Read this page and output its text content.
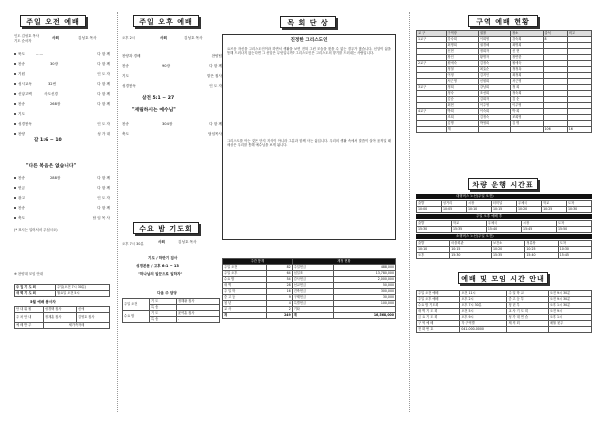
주일 오전 예배
인도 김성호 목사
기도 순서자
사회	김성호 목사
묵도	……	다 함 께
찬송	30장	다 함 께
기원	인 도 자
성시교독	32번	다 함 께
신앙고백	사도신경	다 함 께
찬송	268장	다 함 께
기도
성경봉독	인 도 자
찬양	성 가 대
갈 1:6 ~ 10
"다른 복음은 없습니다"
찬송	288장	다 함 께
헌금	다 함 께
광고	인 도 자
찬송	다 함 께
축도	담 임 목 사
(* 표시는 일어서서 주십시오)
※ 찬양대 모임 안내
주 일 기 도 회	주일(오전 7시 30분)
새 벽 기 도 회	월요일 오전 5시
5월 예배 봉사자
안 내 위 원	성경택 집사	신애
주 차 안 내	정재훈 집사	김영호 집사
예 배 반 주	세가족자매	
주일 오후 예배
오후 2시	사회	김성호 목사
찬양과 경배	찬양팀
찬송	90장	다 함 께
기도	맡은 집사
성경봉독	인 도 자
살전 5:1 ~ 27
"재림하시는 예수님"
찬송	304장	다 함 께
축도	담임목사
수요 밤 기도회
오후 7시 30분	사회	김성호 목사
기도 / 하반기 집사
성경본문 / 고후 6:1 ~ 13
"하나님의 일꾼으로 일하자"
다음 주 담당
주일 오전	기 도	정해광 집사
	특 송	
수요 밤	기 도	윤여훈 집사
	특 송	-
목 회 단 상
진정한 그리스도인
요즈음 자신을 그리스도인이라 하면서 생활을 보면 전혀 그런 모습을 찾을 수 없는 경우가 많습니다. 신앙이 삶을 통해 드러나지 않는다면 그 신앙은 무엇입니까? 그리스도인은 그리스도의 향기를 드러내는 사람입니다.
그리스도를 아는 것은 단지 지식이 아니라 그분과 함께 사는 삶입니다. 우리의 생활 속에서 말씀이 살아 움직일 때 세상은 우리를 통해 예수님을 보게 됩니다.
주간 통계		재정 현황	
주일 오전	82	주일헌금	488,000
주일 오후	64	십일조	13,780,000
수요 밤	54	감사헌금	2,000,000
새 벽	28	선교헌금	50,000
주 일 학	16	건축헌금	300,000
중 고 등	9	구제헌금	30,000
청 년	4	특별헌금	100,000
교 사	2	기타	
계	249	계	16,568,000
구역 예배 현황
교 구	구역장	권찰	장소	출석	비고
1교구	강숙희	이희영	강숙희	8	
	최명희	권경혜	최명희		
	신현	정희자	신 현		
	장인	황명자	장연한		
2교구	원애숙	김정숙	원애숙		
	정철	최효순	정정옥		
	이정	김지인	최정희		
	서근영	신원희	서근영		
3교구	정희	강남희	정 희		
	정숙	조선희	정숙희		
	김순	김희자	김 순		
	최현	이주영	이주영		
4교구	박희	이숙희	박 희		
	조희	김정숙	조희영		
	김명	박영희	김 명		
	계			106	16
차량 운행 시간표
대형버스 노선(주일 오전)
출발	삼거리	시장	터미널	우체국	학교	도착
10:00	10:05	10:10	10:15	10:20	10:25	10:30
주일 오후 예배 후
출발	학교	우체국	시장	도착
15:30	15:35	15:40	15:45	15:50
소형버스 노선(주일 오전)
출발	마을회관	보건소	정류장	도착
10:10	10:15	10:20	10:25	10:30
오후	15:30	15:35	15:40	15:45
예배 및 모임 시간 안내
주일 오전 예배	오전 11시	주 일 학 교	오전 9시 30분
주일 오후 예배	오후 2시	중 고 등 부	오전 9시 30분
수요 밤 기도회	오후 7시 30분	청 년 부	오후 1시 30분
새 벽 기 도 회	오전 5시	교 사 기 도 회	오전 9시
금 요 기 도 회	오후 9시	성 가 대 연 습	오후 1시
구 역 예 배	각 구역별	제 직 회	매월 첫주
전 화 번 호	041-000-0000		
